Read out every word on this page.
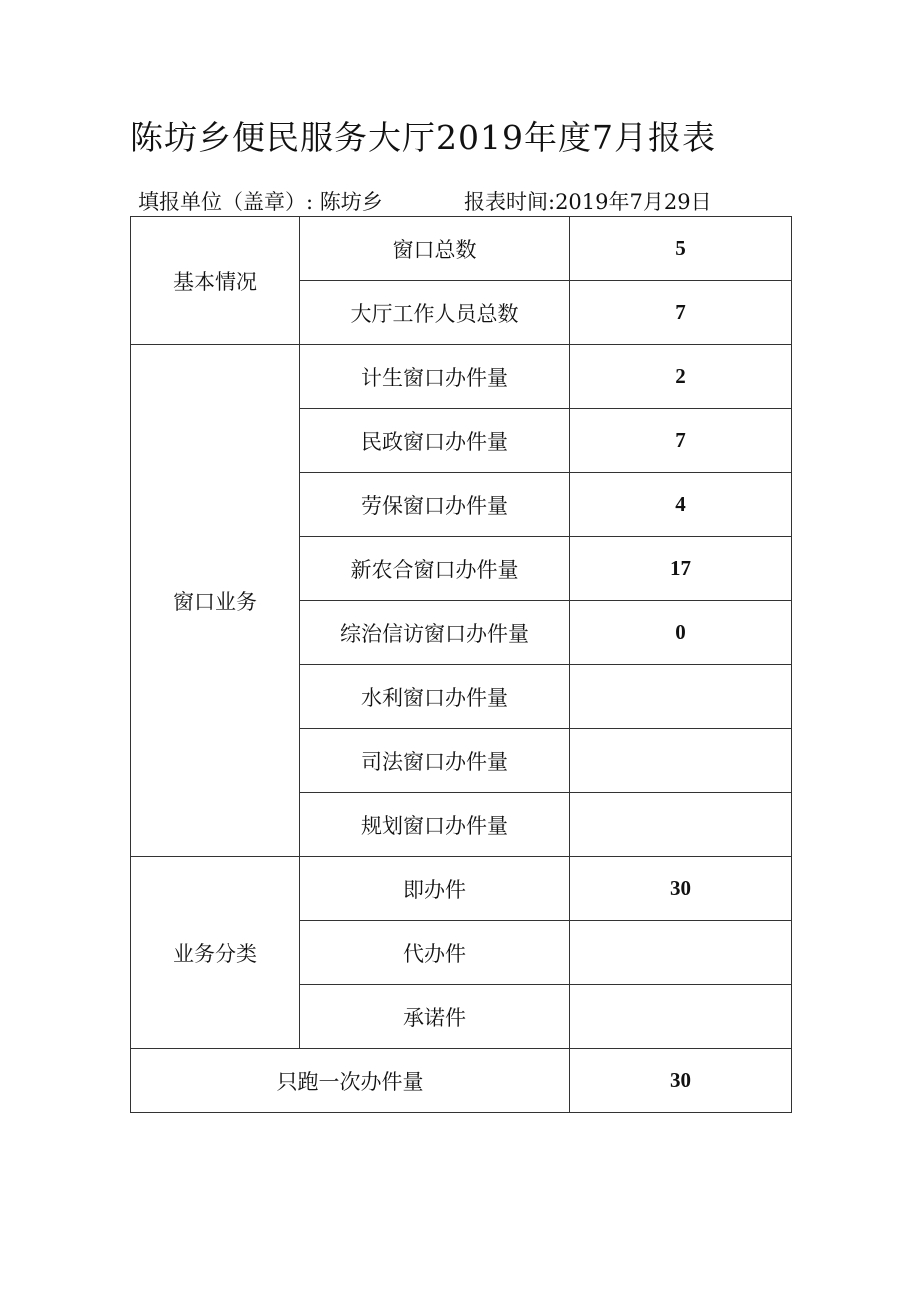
陈坊乡便民服务大厅2019年度7月报表
填报单位（盖章）: 陈坊乡	报表时间:2019年7月29日
基本情况	窗口总数	5
	大厅工作人员总数	7
窗口业务	计生窗口办件量	2
	民政窗口办件量	7
	劳保窗口办件量	4
	新农合窗口办件量	17
	综治信访窗口办件量	0
	水利窗口办件量	
	司法窗口办件量	
	规划窗口办件量	
业务分类	即办件	30
	代办件	
	承诺件	
只跑一次办件量		30
